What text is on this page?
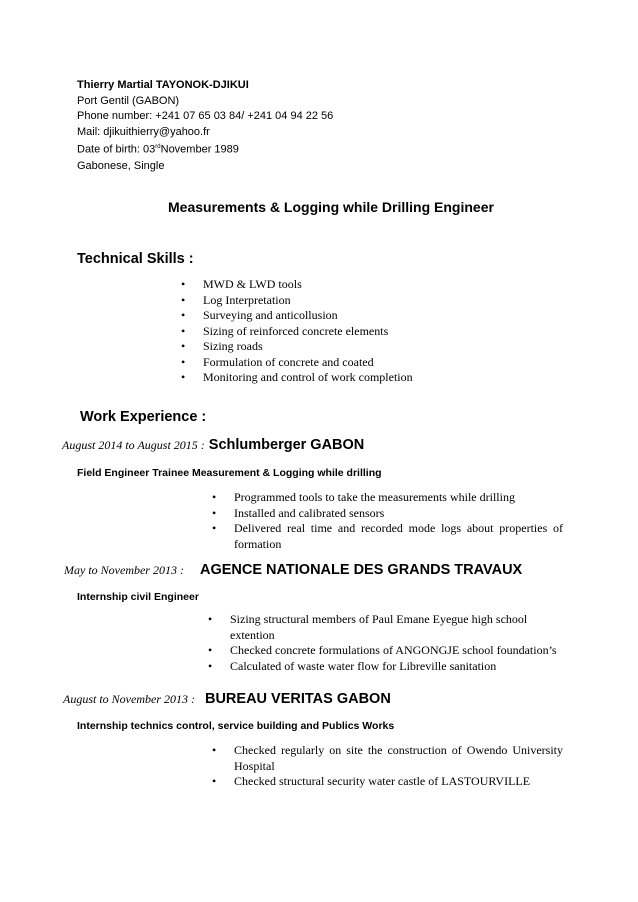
Thierry Martial TAYONOK-DJIKUI
Port Gentil (GABON)
Phone number: +241 07 65 03 84/ +241 04 94 22 56
Mail: djikuithierry@yahoo.fr
Date of birth: 03rdNovember 1989
Gabonese, Single
Measurements & Logging while Drilling Engineer
Technical Skills :
• MWD & LWD tools
• Log Interpretation
• Surveying and anticollusion
• Sizing of reinforced concrete elements
• Sizing roads
• Formulation of concrete and coated
• Monitoring and control of work completion
Work Experience :
August 2014 to August 2015 : Schlumberger GABON
Field Engineer Trainee Measurement & Logging while drilling
• Programmed tools to take the measurements while drilling
• Installed and calibrated sensors
• Delivered real time and recorded mode logs about properties of formation
May to November 2013 : AGENCE NATIONALE DES GRANDS TRAVAUX
Internship civil Engineer
• Sizing structural members of Paul Emane Eyegue high school extention
• Checked concrete formulations of ANGONGJE school foundation’s
• Calculated of waste water flow for Libreville sanitation
August to November 2013 : BUREAU VERITAS GABON
Internship technics control, service building and Publics Works
• Checked regularly on site the construction of Owendo University Hospital
• Checked structural security water castle of LASTOURVILLE
